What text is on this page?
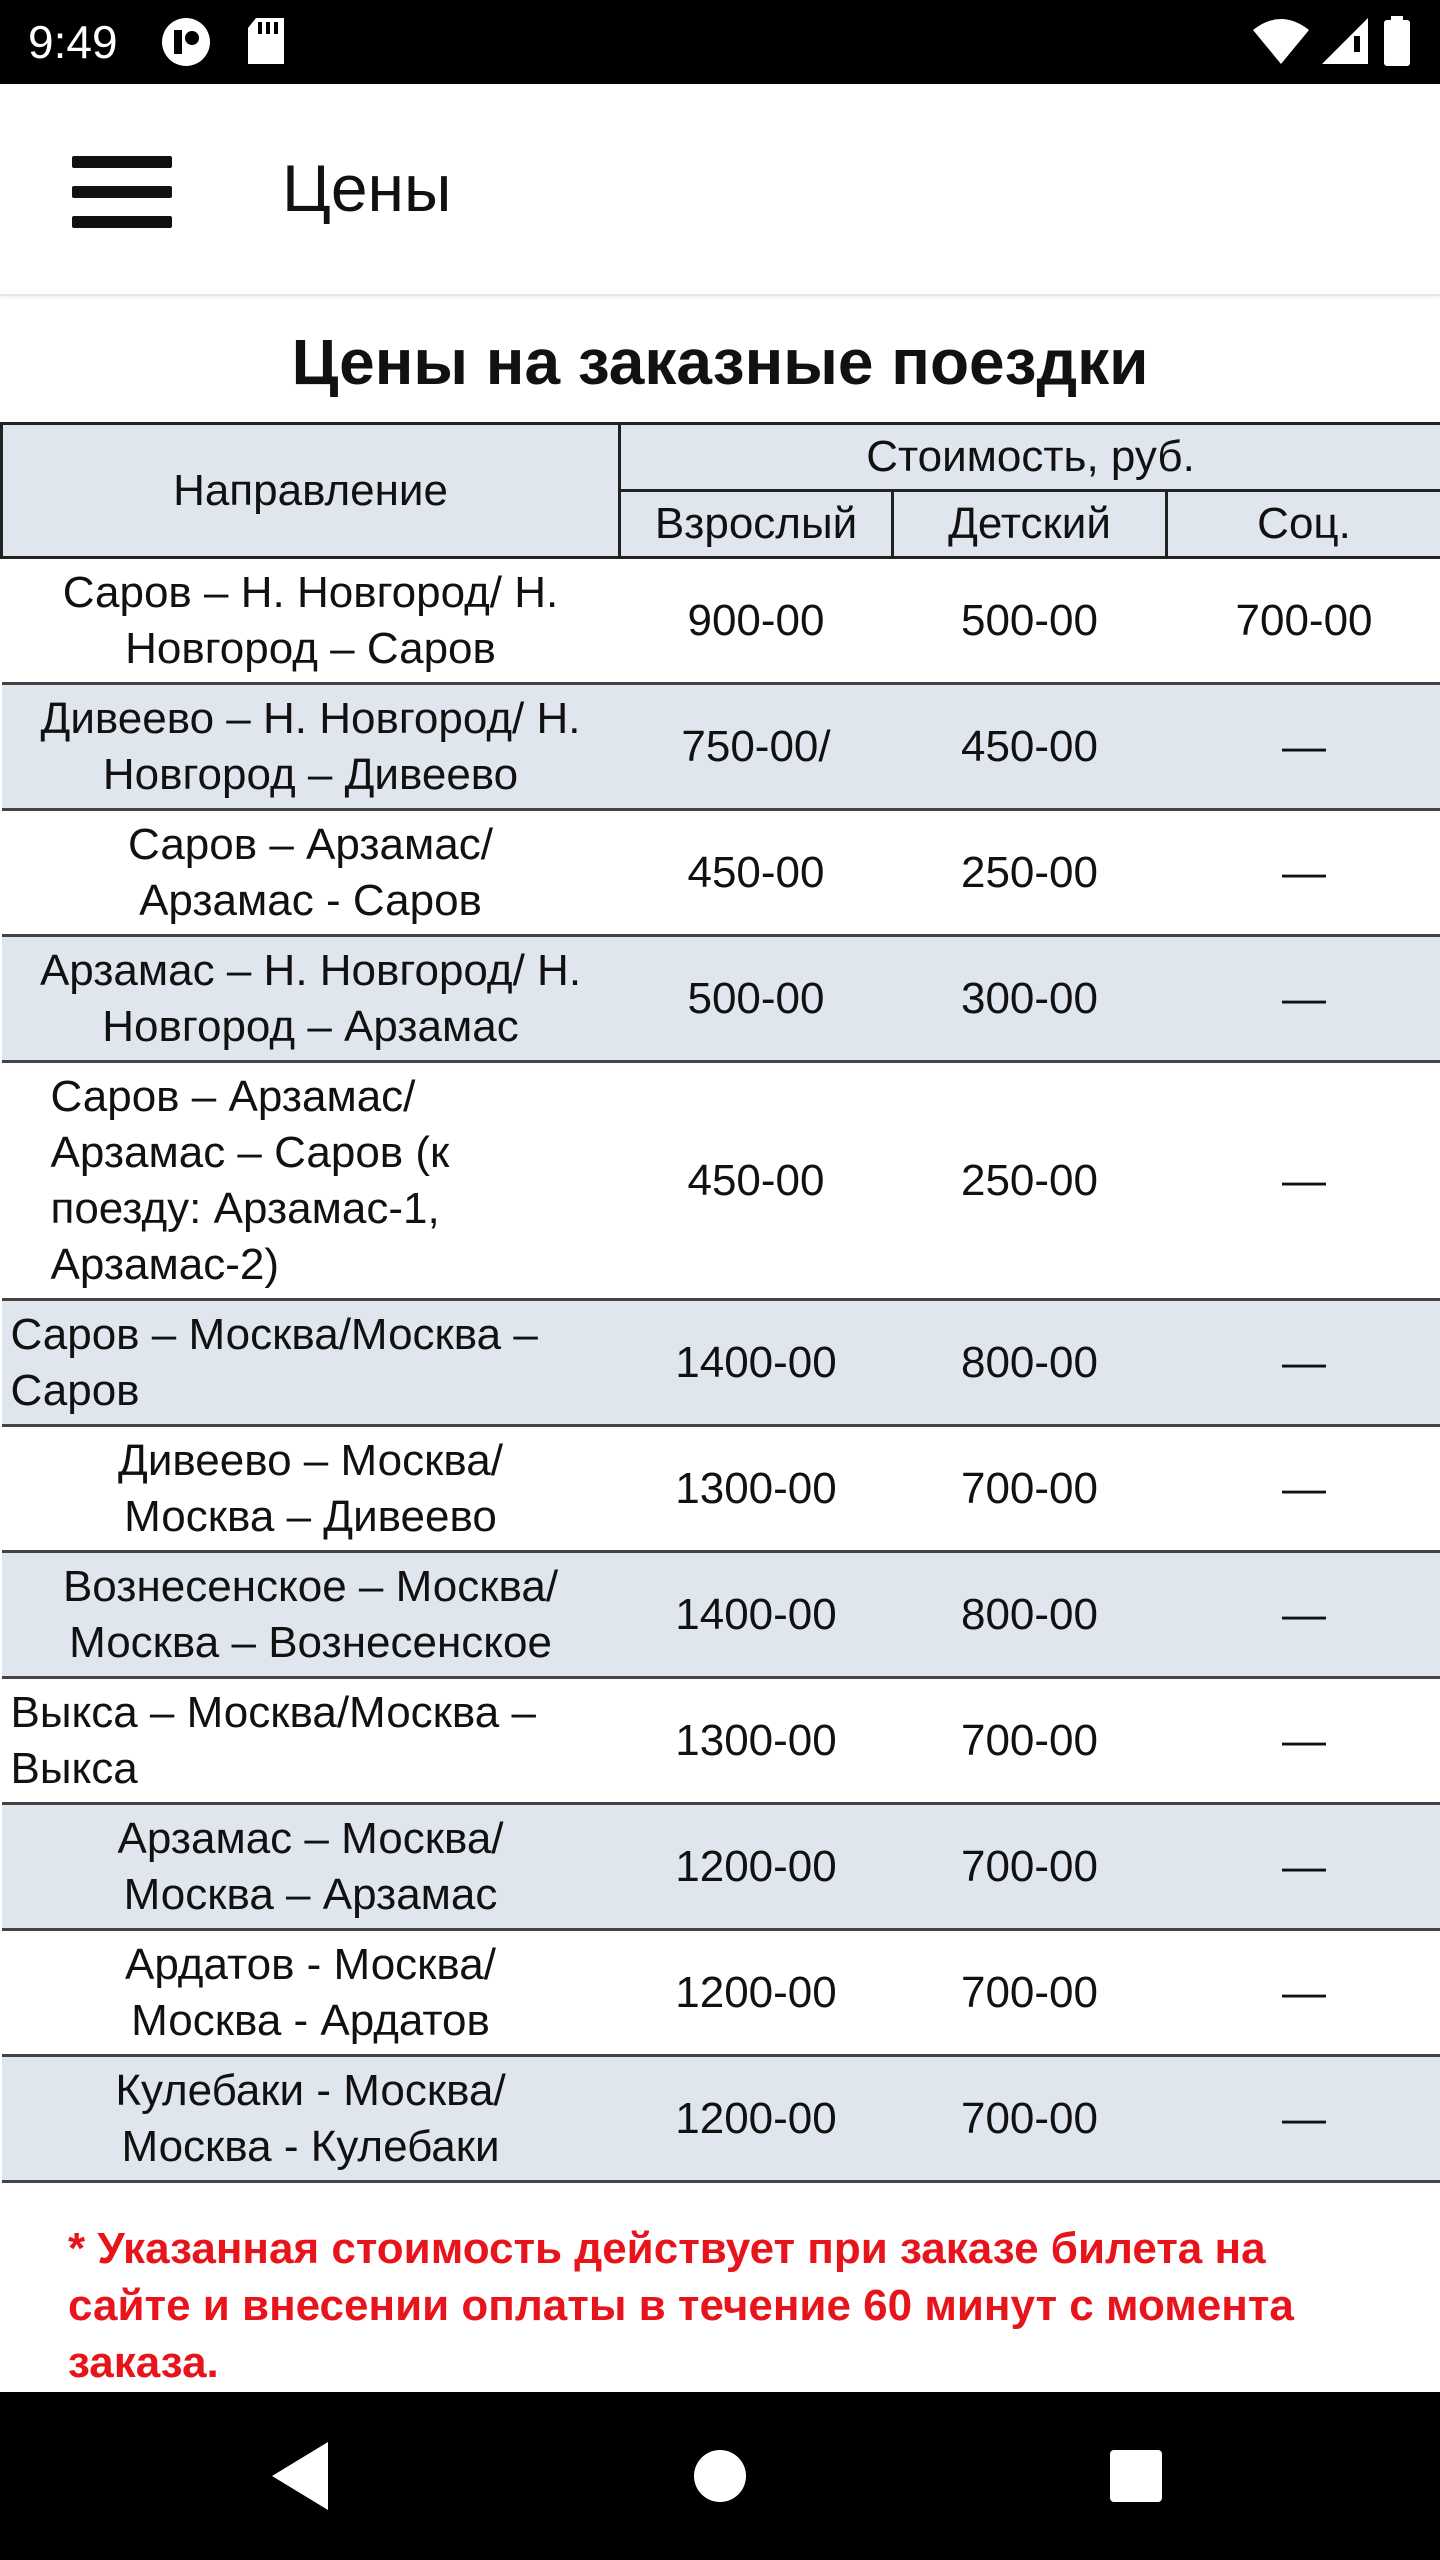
9:49
Цены
Цены на заказные поездки
Направление	Стоимость, руб.		
	Взрослый	Детский	Соц.
Саров – Н. Новгород/ Н. Новгород – Саров	900-00	500-00	700-00
Дивеево – Н. Новгород/ Н. Новгород – Дивеево	750-00/	450-00	—
Саров – Арзамас/ Арзамас - Саров	450-00	250-00	—
Арзамас – Н. Новгород/ Н. Новгород – Арзамас	500-00	300-00	—
Саров – Арзамас/ Арзамас – Саров (к поезду: Арзамас-1, Арзамас-2)	450-00	250-00	—
Саров – Москва/Москва – Саров	1400-00	800-00	—
Дивеево – Москва/ Москва – Дивеево	1300-00	700-00	—
Вознесенское – Москва/ Москва – Вознесенское	1400-00	800-00	—
Выкса – Москва/Москва – Выкса	1300-00	700-00	—
Арзамас – Москва/ Москва – Арзамас	1200-00	700-00	—
Ардатов - Москва/ Москва - Ардатов	1200-00	700-00	—
Кулебаки - Москва/ Москва - Кулебаки	1200-00	700-00	—
* Указанная стоимость действует при заказе билета на сайте и внесении оплаты в течение 60 минут с момента заказа.
